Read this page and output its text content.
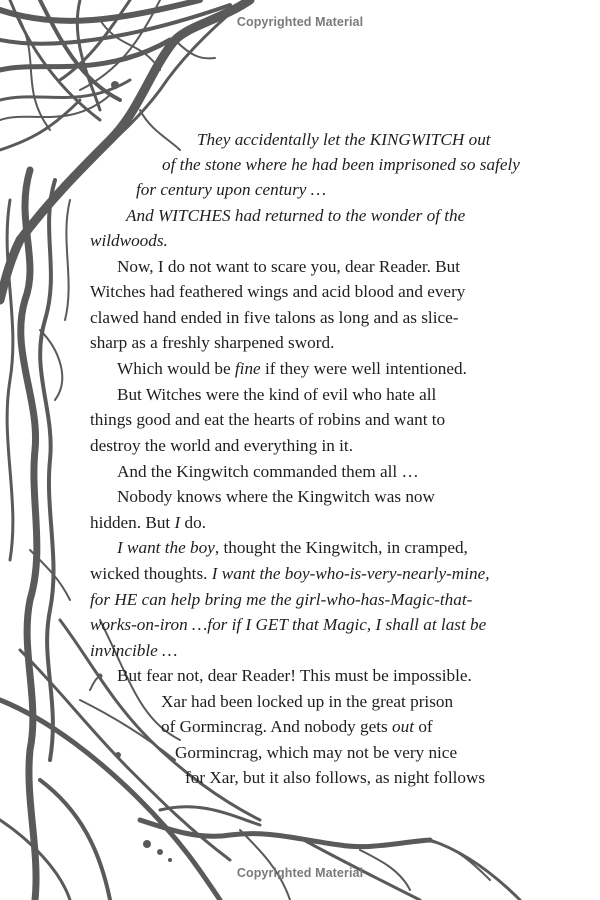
Copyrighted Material
They accidentally let the KINGWITCH out
of the stone where he had been imprisoned so safely
for century upon century …
And WITCHES had returned to the wonder of the
wildwoods.
Now, I do not want to scare you, dear Reader. But
Witches had feathered wings and acid blood and every
clawed hand ended in five talons as long and as slice-
sharp as a freshly sharpened sword.
Which would be fine if they were well intentioned.
But Witches were the kind of evil who hate all
things good and eat the hearts of robins and want to
destroy the world and everything in it.
And the Kingwitch commanded them all …
Nobody knows where the Kingwitch was now
hidden. But I do.
I want the boy, thought the Kingwitch, in cramped,
wicked thoughts. I want the boy-who-is-very-nearly-mine,
for HE can help bring me the girl-who-has-Magic-that-
works-on-iron …for if I GET that Magic, I shall at last be
invincible …
But fear not, dear Reader! This must be impossible.
Xar had been locked up in the great prison
of Gormincrag. And nobody gets out of
Gormincrag, which may not be very nice
for Xar, but it also follows, as night follows
Copyrighted Material
